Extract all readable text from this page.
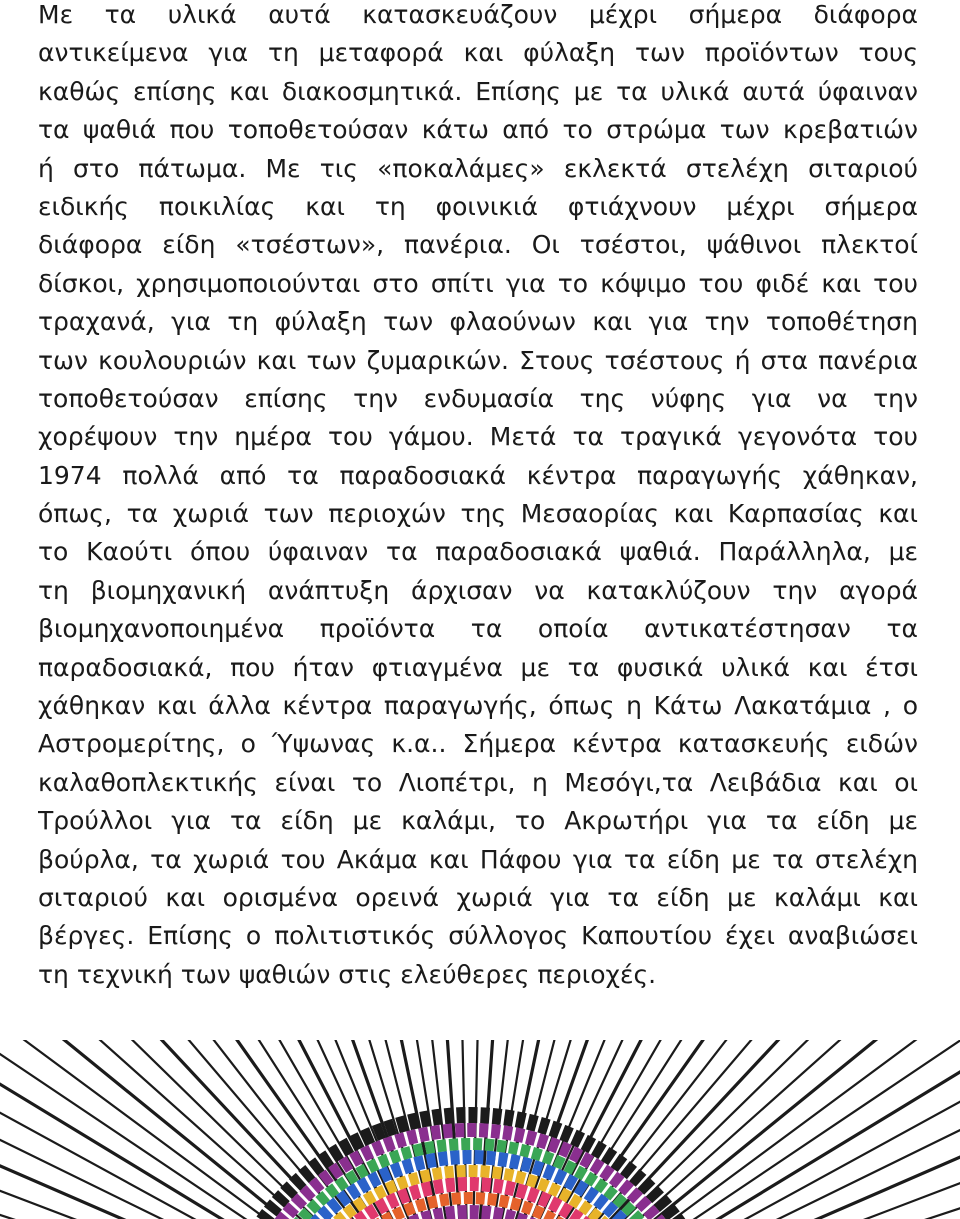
Με τα υλικά αυτά κατασκευάζουν μέχρι σήμερα διάφορα
αντικείμενα για τη μεταφορά και φύλαξη των προϊόντων τους
καθώς επίσης και διακοσμητικά. Επίσης με τα υλικά αυτά ύφαιναν
τα ψαθιά που τοποθετούσαν κάτω από το στρώμα των κρεβατιών
ή στο πάτωμα. Με τις «ποκαλάμες» εκλεκτά στελέχη σιταριού
ειδικής ποικιλίας και τη φοινικιά φτιάχνουν μέχρι σήμερα
διάφορα είδη «τσέστων», πανέρια. Οι τσέστοι, ψάθινοι πλεκτοί
δίσκοι, χρησιμοποιούνται στο σπίτι για το κόψιμο του φιδέ και του
τραχανά, για τη φύλαξη των φλαούνων και για την τοποθέτηση
των κουλουριών και των ζυμαρικών. Στους τσέστους ή στα πανέρια
τοποθετούσαν επίσης την ενδυμασία της νύφης για να την
χορέψουν την ημέρα του γάμου. Μετά τα τραγικά γεγονότα του
1974 πολλά από τα παραδοσιακά κέντρα παραγωγής χάθηκαν,
όπως, τα χωριά των περιοχών της Μεσαορίας και Καρπασίας και
το Καούτι όπου ύφαιναν τα παραδοσιακά ψαθιά. Παράλληλα, με
τη βιομηχανική ανάπτυξη άρχισαν να κατακλύζουν την αγορά
βιομηχανοποιημένα προϊόντα τα οποία αντικατέστησαν τα
παραδοσιακά, που ήταν φτιαγμένα με τα φυσικά υλικά και έτσι
χάθηκαν και άλλα κέντρα παραγωγής, όπως η Κάτω Λακατάμια , ο
Αστρομερίτης, ο Ύψωνας κ.α.. Σήμερα κέντρα κατασκευής ειδών
καλαθοπλεκτικής είναι το Λιοπέτρι, η Μεσόγι,τα Λειβάδια και οι
Τρούλλοι για τα είδη με καλάμι, το Ακρωτήρι για τα είδη με
βούρλα, τα χωριά του Ακάμα και Πάφου για τα είδη με τα στελέχη
σιταριού και ορισμένα ορεινά χωριά για τα είδη με καλάμι και
βέργες. Επίσης ο πολιτιστικός σύλλογος Καπουτίου έχει αναβιώσει
τη τεχνική των ψαθιών στις ελεύθερες περιοχές.
